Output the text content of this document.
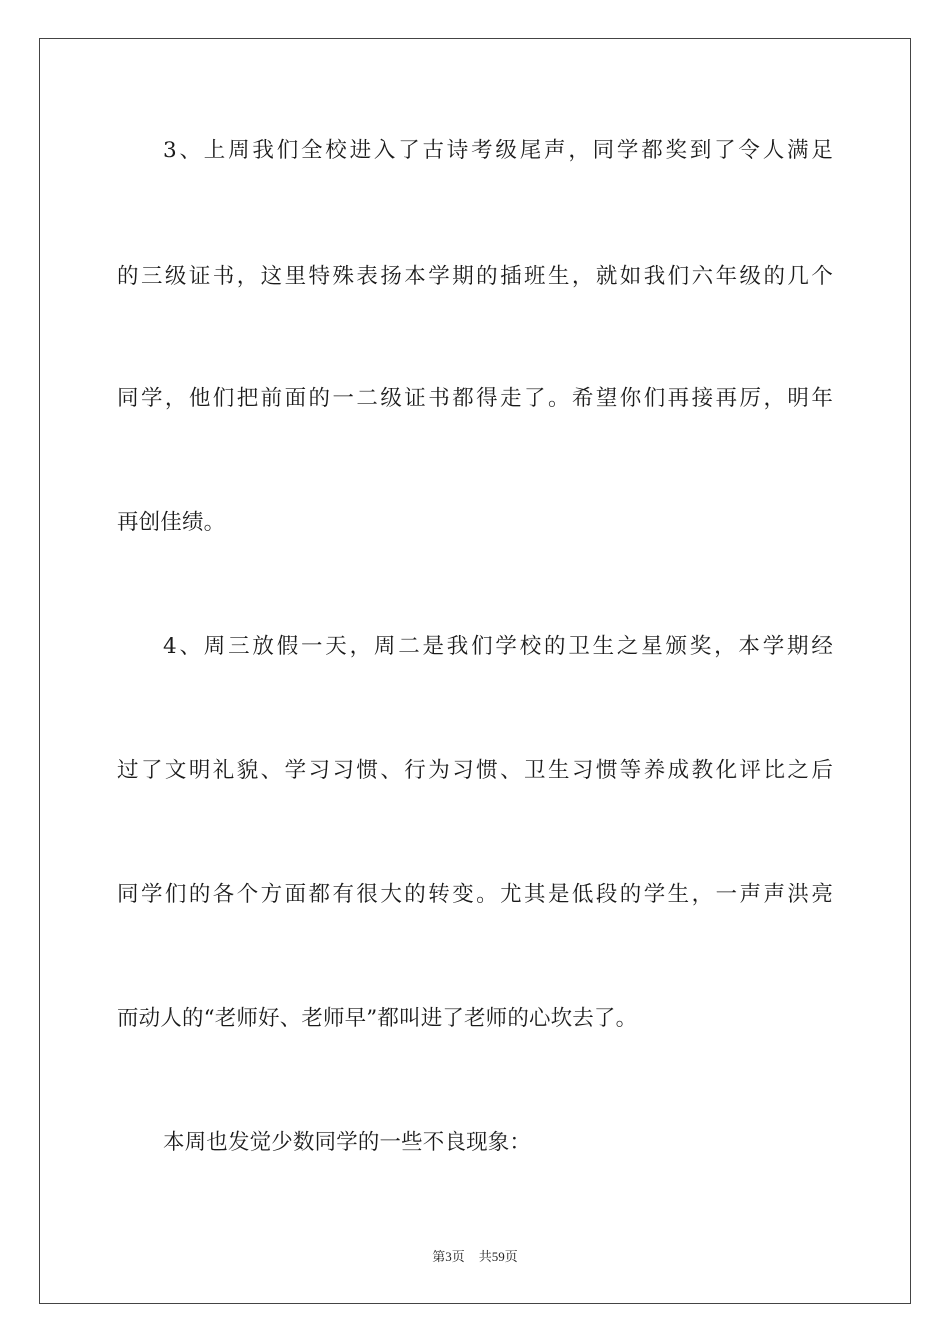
3、上周我们全校进入了古诗考级尾声，同学都奖到了令人满足
的三级证书，这里特殊表扬本学期的插班生，就如我们六年级的几个
同学，他们把前面的一二级证书都得走了。希望你们再接再厉，明年
再创佳绩。
4、周三放假一天，周二是我们学校的卫生之星颁奖，本学期经
过了文明礼貌、学习习惯、行为习惯、卫生习惯等养成教化评比之后
同学们的各个方面都有很大的转变。尤其是低段的学生，一声声洪亮
而动人的“老师好、老师早”都叫进了老师的心坎去了。
本周也发觉少数同学的一些不良现象：
第3页 共59页
